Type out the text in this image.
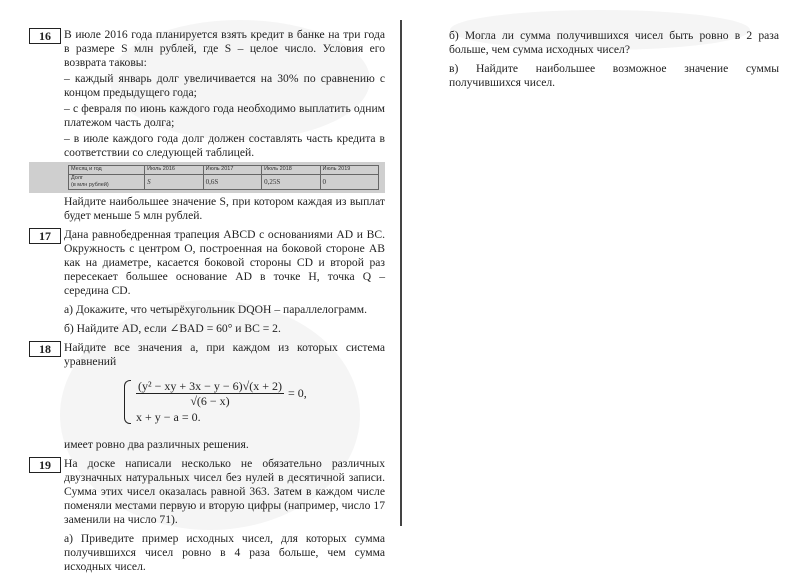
16	В июле 2016 года планируется взять кредит в банке на три года в размере S млн рублей, где S – целое число. Условия его возврата таковы:
– каждый январь долг увеличивается на 30% по сравнению с концом предыдущего года;
– с февраля по июнь каждого года необходимо выплатить одним платежом часть долга;
– в июле каждого года долг должен составлять часть кредита в соответствии со следующей таблицей.
Месяц и год	Июль 2016	Июль 2017	Июль 2018	Июль 2019

Долг
(в млн рублей)	S	0,6S	0,25S	0
Найдите наибольшее значение S, при котором каждая из выплат будет меньше 5 млн рублей.
17	Дана равнобедренная трапеция ABCD с основаниями AD и BC. Окружность с центром O, построенная на боковой стороне AB как на диаметре, касается боковой стороны CD и второй раз пересекает большее основание AD в точке H, точка Q – середина CD.
а) Докажите, что четырёхугольник DQOH – параллелограмм.
б) Найдите AD, если ∠BAD = 60° и BC = 2.
18	Найдите все значения a, при каждом из которых система уравнений
$\frac{\text{(y² − xy + 3x − y − 6)√(x + 2)}}{√(6 - x)} = 0$,
x + y − a = 0.
имеет ровно два различных решения.
19	На доске написали несколько не обязательно различных двузначных натуральных чисел без нулей в десятичной записи. Сумма этих чисел оказалась равной 363. Затем в каждом числе поменяли местами первую и вторую цифры (например, число 17 заменили на число 71).
а) Приведите пример исходных чисел, для которых сумма получившихся чисел ровно в 4 раза больше, чем сумма исходных чисел.
б) Могла ли сумма получившихся чисел быть ровно в 2 раза больше, чем сумма исходных чисел?
в) Найдите наибольшее возможное значение суммы получившихся чисел.
